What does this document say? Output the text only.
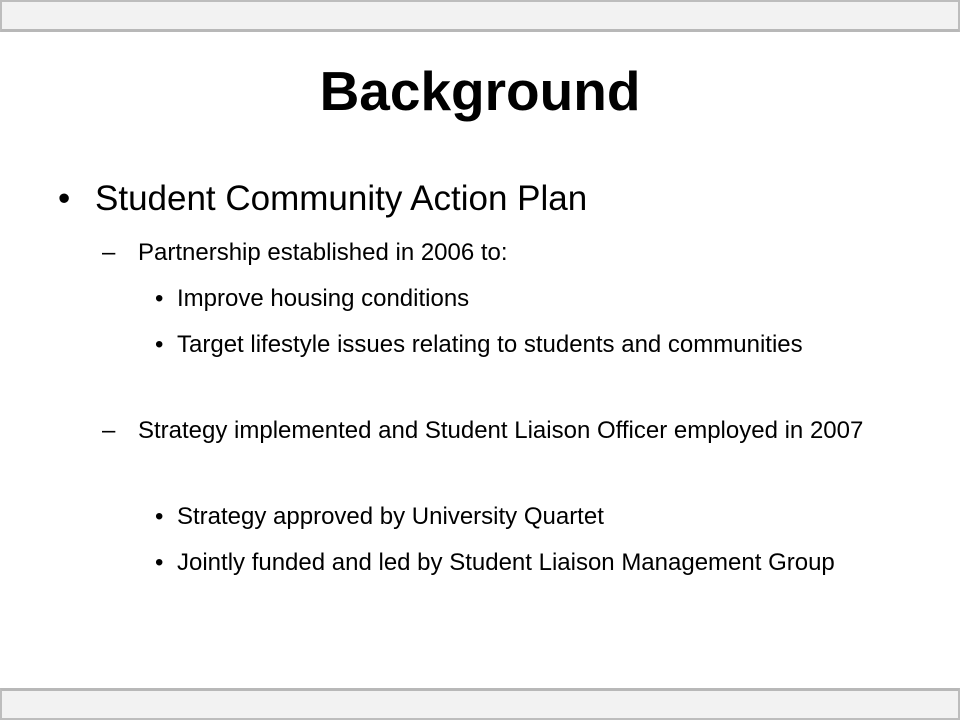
Background
• Student Community Action Plan
– Partnership established in 2006 to:
• Improve housing conditions
• Target lifestyle issues relating to students and communities
– Strategy implemented and Student Liaison Officer employed in 2007
• Strategy approved by University Quartet
• Jointly funded and led by Student Liaison Management Group
